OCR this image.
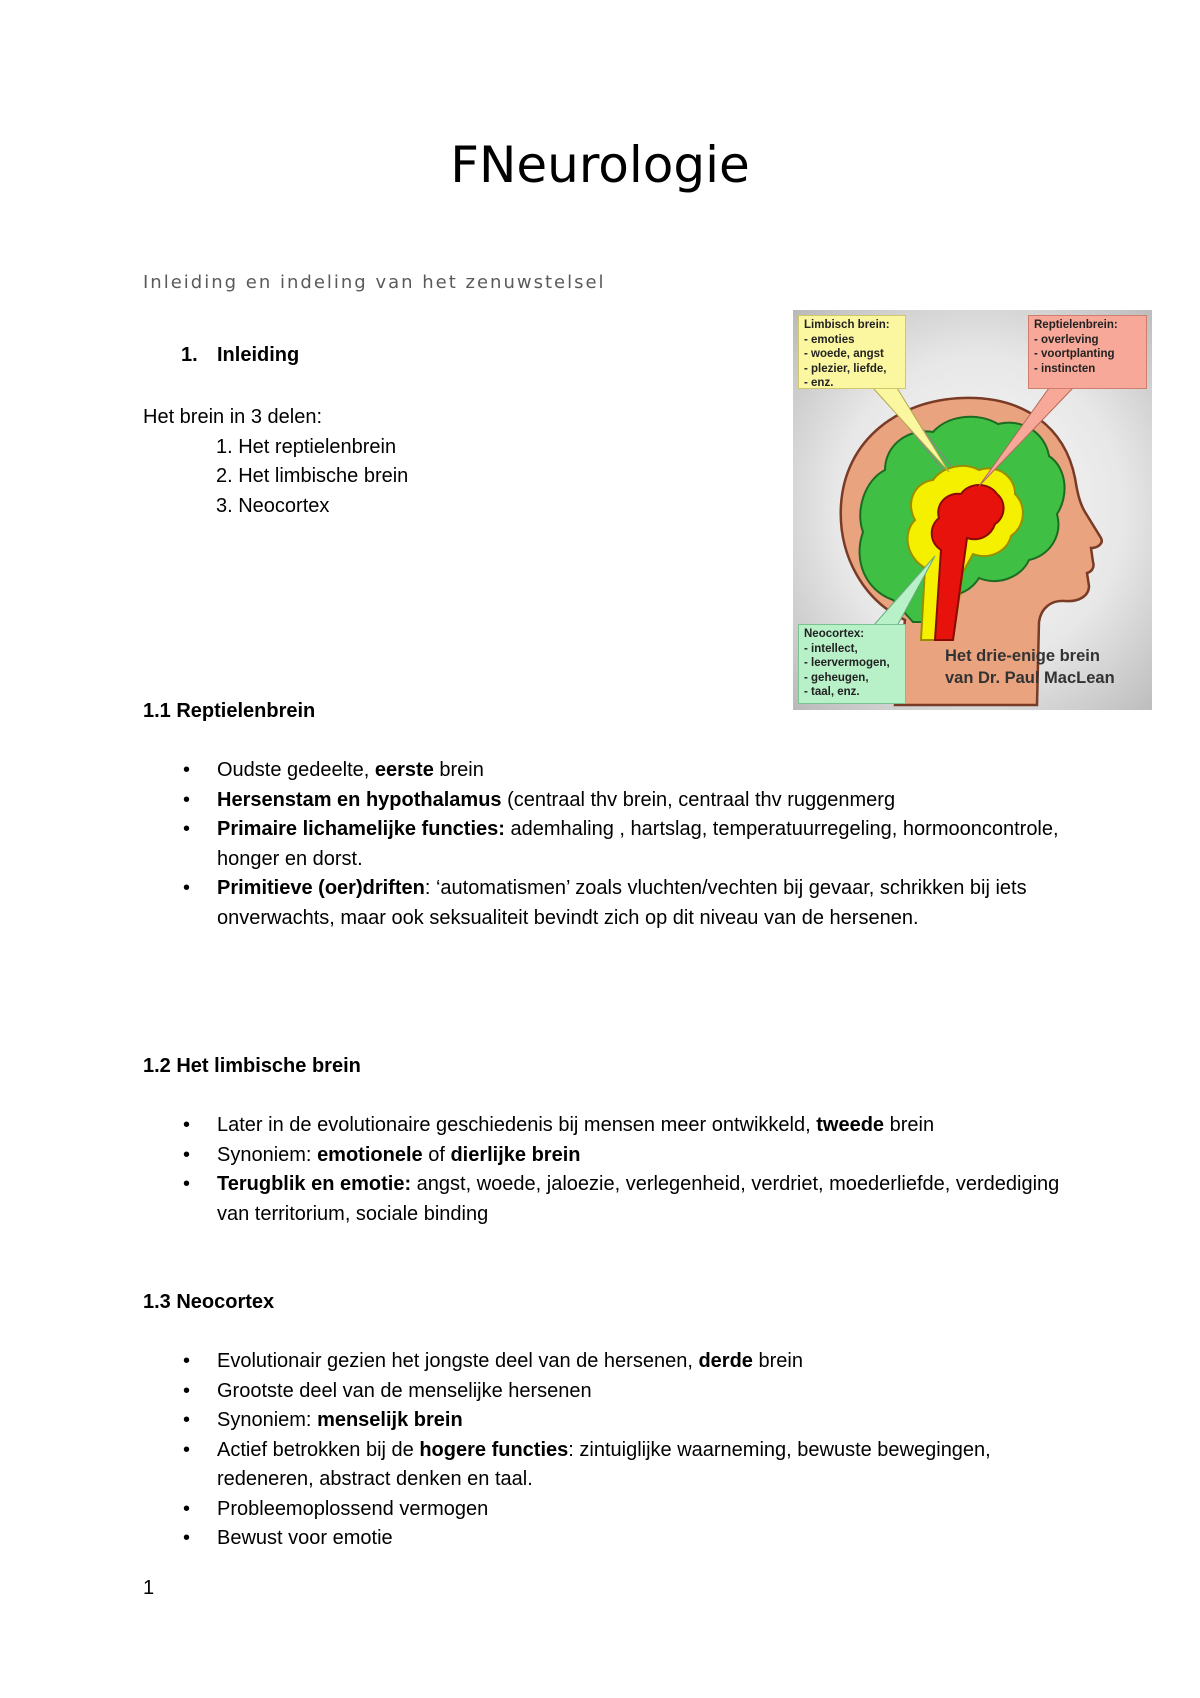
FNeurologie
Inleiding en indeling van het zenuwstelsel
1. Inleiding
Het brein in 3 delen:
1. Het reptielenbrein
2. Het limbische brein
3. Neocortex
1.1 Reptielenbrein
• Oudste gedeelte, eerste brein
• Hersenstam en hypothalamus (centraal thv brein, centraal thv ruggenmerg
• Primaire lichamelijke functies: ademhaling , hartslag, temperatuurregeling, hormooncontrole, honger en dorst.
• Primitieve (oer)driften: ‘automatismen’ zoals vluchten/vechten bij gevaar, schrikken bij iets onverwachts, maar ook seksualiteit bevindt zich op dit niveau van de hersenen.
1.2 Het limbische brein
• Later in de evolutionaire geschiedenis bij mensen meer ontwikkeld, tweede brein
• Synoniem: emotionele of dierlijke brein
• Terugblik en emotie: angst, woede, jaloezie, verlegenheid, verdriet, moederliefde, verdediging van territorium, sociale binding
1.3 Neocortex
• Evolutionair gezien het jongste deel van de hersenen, derde brein
• Grootste deel van de menselijke hersenen
• Synoniem: menselijk brein
• Actief betrokken bij de hogere functies: zintuiglijke waarneming, bewuste bewegingen, redeneren, abstract denken en taal.
• Probleemoplossend vermogen
• Bewust voor emotie
Limbisch brein:
- emoties
- woede, angst
- plezier, liefde,
- enz.
Reptielenbrein:
- overleving
- voortplanting
- instincten
Neocortex:
- intellect,
- leervermogen,
- geheugen,
- taal, enz.
Het drie-enige brein
van Dr. Paul MacLean
1
